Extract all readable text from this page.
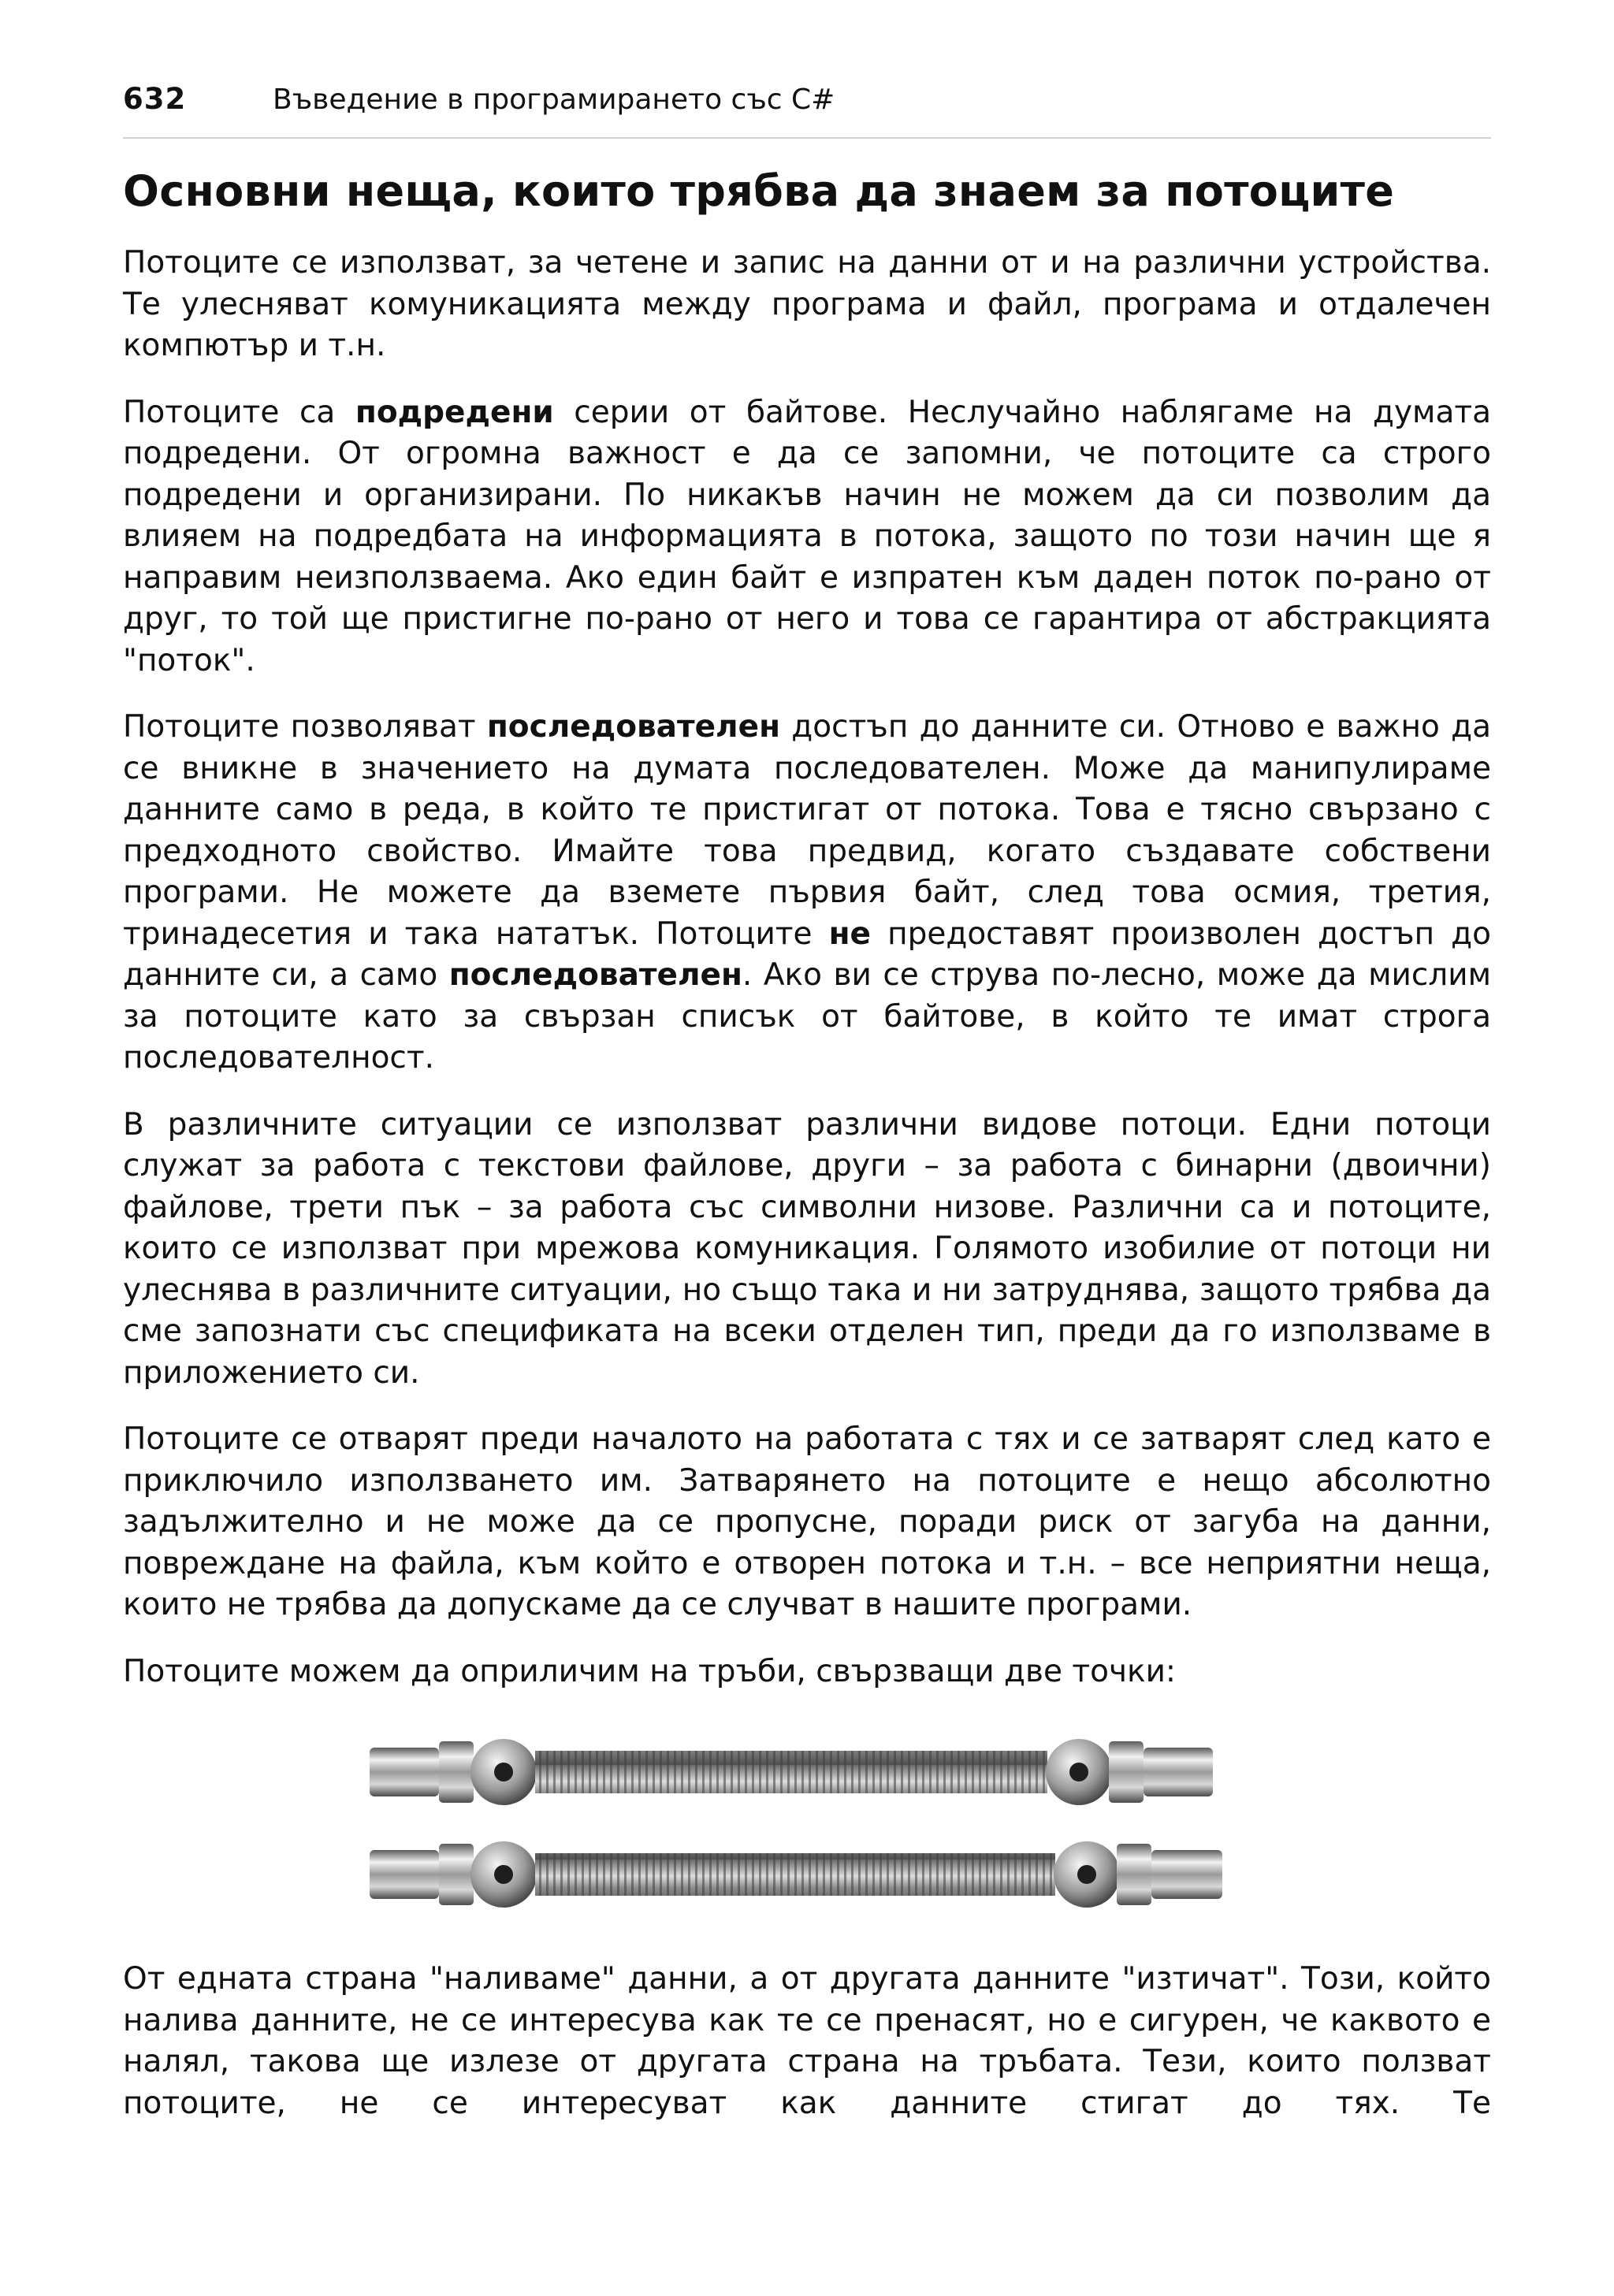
632	Въведение в програмирането със C#
Основни неща, които трябва да знаем за потоците

Потоците се използват, за четене и запис на данни от и на различни устройства. Те улесняват комуникацията между програма и файл, програма и отдалечен компютър и т.н.

Потоците са подредени серии от байтове. Неслучайно наблягаме на думата подредени. От огромна важност е да се запомни, че потоците са строго подредени и организирани. По никакъв начин не можем да си позволим да влияем на подредбата на информацията в потока, защото по този начин ще я направим неизползваема. Ако един байт е изпратен към даден поток по-рано от друг, то той ще пристигне по-рано от него и това се гарантира от абстракцията "поток".

Потоците позволяват последователен достъп до данните си. Отново е важно да се вникне в значението на думата последователен. Може да манипулираме данните само в реда, в който те пристигат от потока. Това е тясно свързано с предходното свойство. Имайте това предвид, когато създавате собствени програми. Не можете да вземете първия байт, след това осмия, третия, тринадесетия и така нататък. Потоците не предоставят произволен достъп до данните си, а само последователен. Ако ви се струва по-лесно, може да мислим за потоците като за свързан списък от байтове, в който те имат строга последователност.

В различните ситуации се използват различни видове потоци. Едни потоци служат за работа с текстови файлове, други – за работа с бинарни (двоични) файлове, трети пък – за работа със символни низове. Различни са и потоците, които се използват при мрежова комуникация. Голямото изобилие от потоци ни улеснява в различните ситуации, но също така и ни затруднява, защото трябва да сме запознати със спецификата на всеки отделен тип, преди да го използваме в приложението си.

Потоците се отварят преди началото на работата с тях и се затварят след като е приключило използването им. Затварянето на потоците е нещо абсолютно задължително и не може да се пропусне, поради риск от загуба на данни, повреждане на файла, към който е отворен потока и т.н. – все неприятни неща, които не трябва да допускаме да се случват в нашите програми.

Потоците можем да оприличим на тръби, свързващи две точки:

От едната страна "наливаме" данни, а от другата данните "изтичат". Този, който налива данните, не се интересува как те се пренасят, но е сигурен, че каквото е налял, такова ще излезе от другата страна на тръбата. Тези, които ползват потоците, не се интересуват как данните стигат до тях. Те
